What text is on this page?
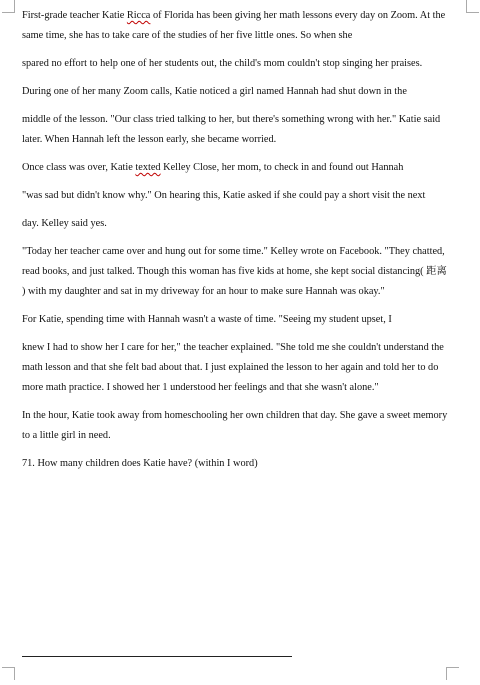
First-grade teacher Katie Ricca of Florida has been giving her math lessons every day on Zoom. At the same time, she has to take care of the studies of her five little ones. So when she

spared no effort to help one of her students out, the child's mom couldn't stop singing her praises.

During one of her many Zoom calls, Katie noticed a girl named Hannah had shut down in the

middle of the lesson. "Our class tried talking to her, but there's something wrong with her." Katie said later. When Hannah left the lesson early, she became worried.

Once class was over, Katie texted Kelley Close, her mom, to check in and found out Hannah

"was sad but didn't know why." On hearing this, Katie asked if she could pay a short visit the next

day. Kelley said yes.

"Today her teacher came over and hung out for some time." Kelley wrote on Facebook. "They chatted, read books, and just talked. Though this woman has five kids at home, she kept social distancing( 距离 ) with my daughter and sat in my driveway for an hour to make sure Hannah was okay."

For Katie, spending time with Hannah wasn't a waste of time. "Seeing my student upset, I

knew I had to show her I care for her," the teacher explained. "She told me she couldn't understand the math lesson and that she felt bad about that. I just explained the lesson to her again and told her to do more math practice. I showed her 1 understood her feelings and that she wasn't alone."

In the hour, Katie took away from homeschooling her own children that day. She gave a sweet memory to a little girl in need.

71. How many children does Katie have? (within I word)
